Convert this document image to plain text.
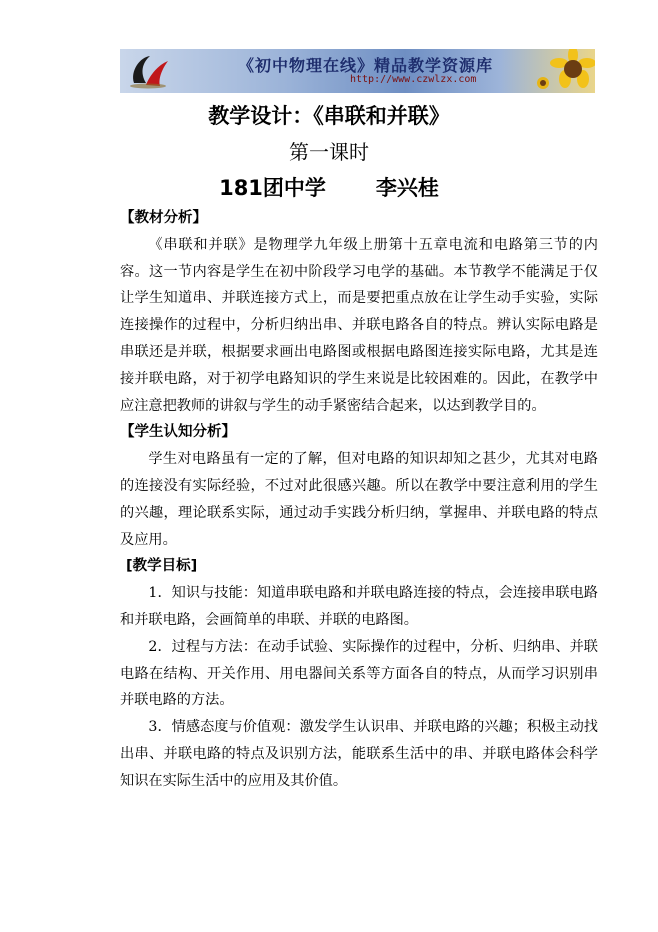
《初中物理在线》精品教学资源库
http://www.czwlzx.com
教学设计：《串联和并联》
第一课时
181团中学 李兴桂

【教材分析】

《串联和并联》是物理学九年级上册第十五章电流和电路第三节的内容。这一节内容是学生在初中阶段学习电学的基础。本节教学不能满足于仅让学生知道串、并联连接方式上，而是要把重点放在让学生动手实验，实际连接操作的过程中，分析归纳出串、并联电路各自的特点。辨认实际电路是串联还是并联，根据要求画出电路图或根据电路图连接实际电路，尤其是连接并联电路，对于初学电路知识的学生来说是比较困难的。因此，在教学中应注意把教师的讲叙与学生的动手紧密结合起来，以达到教学目的。

【学生认知分析】

学生对电路虽有一定的了解，但对电路的知识却知之甚少，尤其对电路的连接没有实际经验，不过对此很感兴趣。所以在教学中要注意利用的学生的兴趣，理论联系实际，通过动手实践分析归纳，掌握串、并联电路的特点及应用。

[教学目标]

1．知识与技能：知道串联电路和并联电路连接的特点，会连接串联电路和并联电路，会画简单的串联、并联的电路图。

2．过程与方法：在动手试验、实际操作的过程中，分析、归纳串、并联电路在结构、开关作用、用电器间关系等方面各自的特点，从而学习识别串并联电路的方法。

3．情感态度与价值观：激发学生认识串、并联电路的兴趣；积极主动找出串、并联电路的特点及识别方法，能联系生活中的串、并联电路体会科学知识在实际生活中的应用及其价值。
